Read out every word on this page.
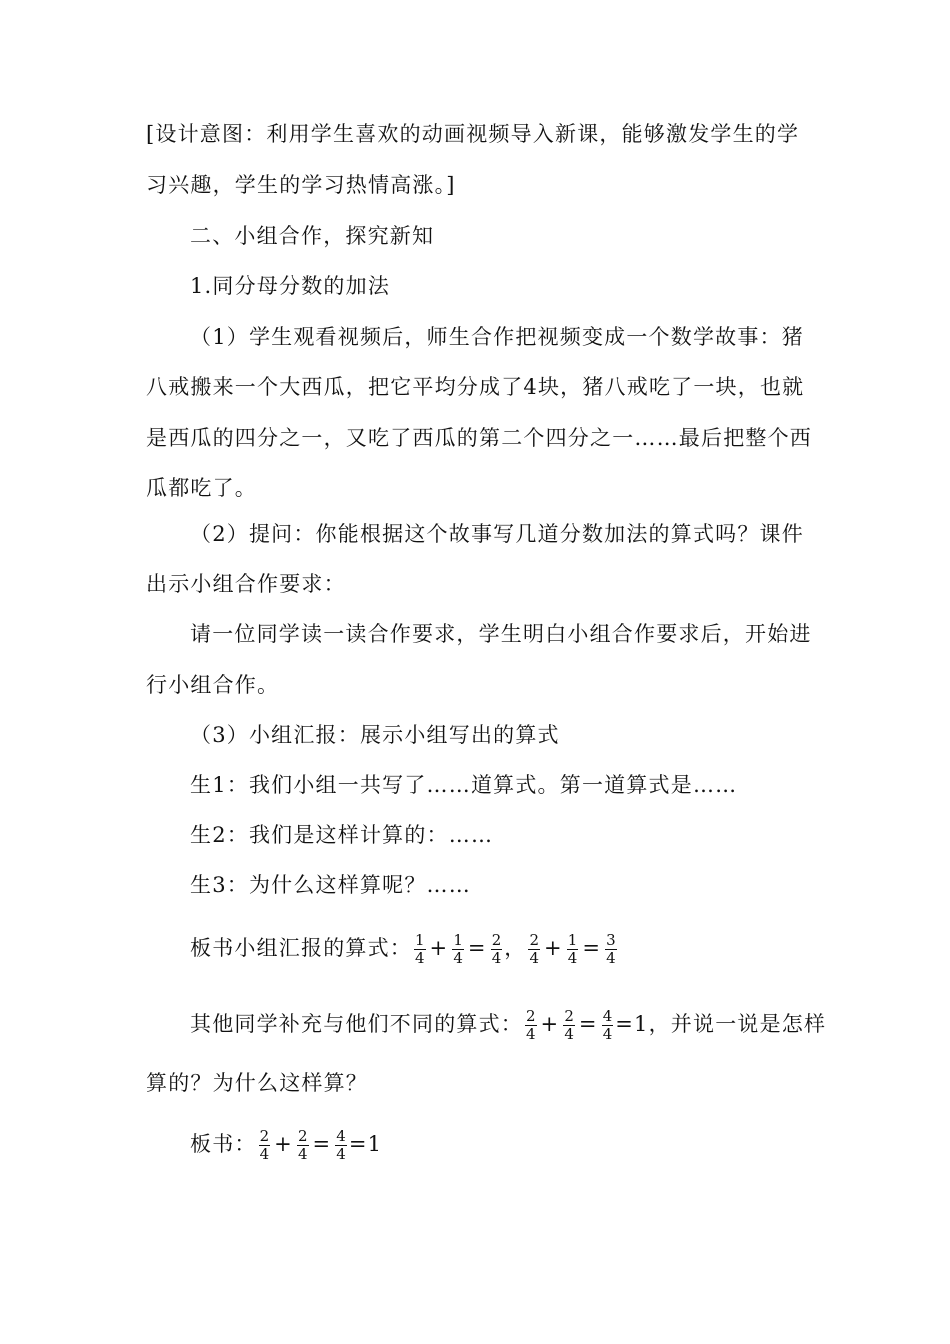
[设计意图：利用学生喜欢的动画视频导入新课，能够激发学生的学
习兴趣，学生的学习热情高涨。]
二、小组合作，探究新知
1.同分母分数的加法
（1）学生观看视频后，师生合作把视频变成一个数学故事：猪
八戒搬来一个大西瓜，把它平均分成了4块，猪八戒吃了一块，也就
是西瓜的四分之一，又吃了西瓜的第二个四分之一……最后把整个西
瓜都吃了。
（2）提问：你能根据这个故事写几道分数加法的算式吗？课件
出示小组合作要求：
请一位同学读一读合作要求，学生明白小组合作要求后，开始进
行小组合作。
（3）小组汇报：展示小组写出的算式
生1：我们小组一共写了……道算式。第一道算式是……
生2：我们是这样计算的：……
生3：为什么这样算呢？……
板书小组汇报的算式： $\frac{1}{4} + \frac{1}{4} = \frac{2}{4}$ ， $\frac{2}{4} + \frac{1}{4} = \frac{3}{4}$
其他同学补充与他们不同的算式： $\frac{2}{4} + \frac{2}{4} = \frac{4}{4} =1$，并说一说是怎样
算的？为什么这样算？
板书： $\frac{2}{4} + \frac{2}{4} = \frac{4}{4} =1$
